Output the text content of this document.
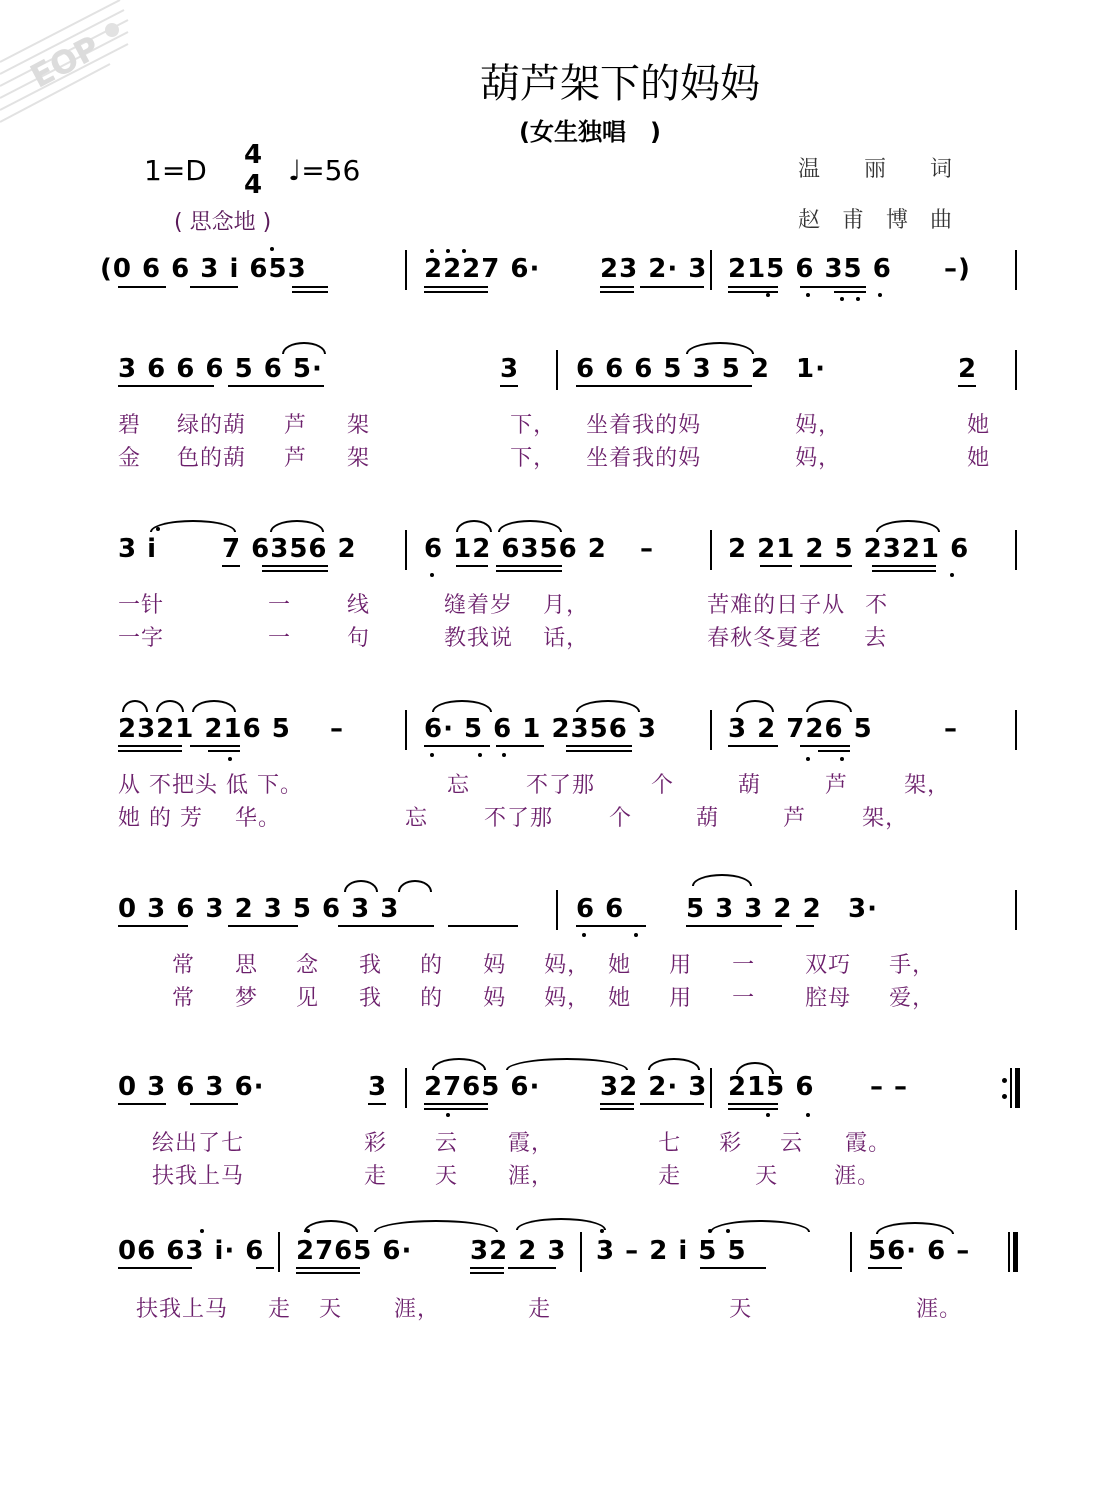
EOP	葫芦架下的妈妈
(女生独唱　)
1=D 4
4 ♩=56
( 思念地 )
温　　丽　　词
赵　甫　博　曲
(0 6 6 3 i 653	2227 6· 23 2· 3 215 6 35 6 –)
3 6 6 6 5 6 5·	3 6 6 6 5 3 5 2 1·	2
碧 绿的葫 芦 架	下， 坐着我的妈	妈，	她
金 色的葫 芦 架	下， 坐着我的妈	妈，	她
3 i 7 6356 2	6 12 6356 2 –	2 21 2 5 2321 6
一针	一	线	缝着岁 月，	苦难的日子从 不
一字	一	句	教我说 话，	春秋冬夏老 去
2321 216 5 –	6· 5 6 1 2356 3	3 2 726 5	–
从 不把头 低 下。	忘	不了那	个	葫	芦	架，
她 的 芳 华。	忘	不了那	个	葫	芦	架，
0 3 6 3 2 3 5 6 3 3	6 6 5 3 3 2 2 3·
常 思 念 我 的 妈 妈， 她 用 一 双巧 手，
常 梦 见 我 的 妈 妈， 她 用 一 腔母 爱，
0 3 6 3 6·	3 2765 6· 32 2· 3 215 6 – –
绘出了七	彩 云 霞，	七 彩 云 霞。
扶我上马	走 天 涯，	走	天	涯。
06 63 i· 6 2765 6· 32 2 3 3 – 2 i 5 5	56· 6 –
扶我上马 走 天 涯，	走	天	涯。
